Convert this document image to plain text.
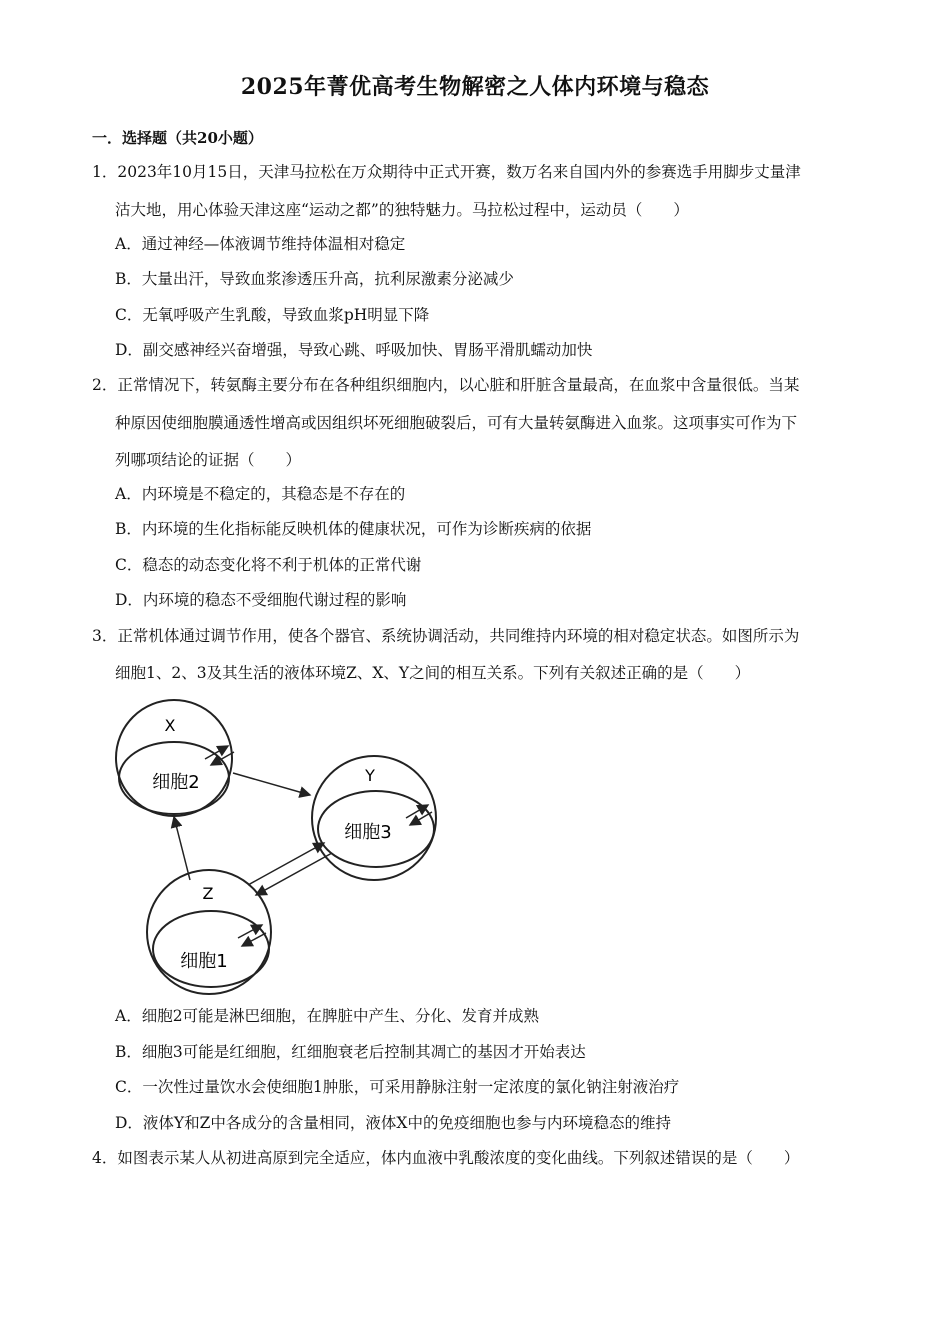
2025年菁优高考生物解密之人体内环境与稳态
一．选择题（共20小题）
1．2023年10月15日，天津马拉松在万众期待中正式开赛，数万名来自国内外的参赛选手用脚步丈量津
沽大地，用心体验天津这座“运动之都”的独特魅力。马拉松过程中，运动员（　　）
A．通过神经—体液调节维持体温相对稳定
B．大量出汗，导致血浆渗透压升高，抗利尿激素分泌减少
C．无氧呼吸产生乳酸，导致血浆pH明显下降
D．副交感神经兴奋增强，导致心跳、呼吸加快、胃肠平滑肌蠕动加快
2．正常情况下，转氨酶主要分布在各种组织细胞内，以心脏和肝脏含量最高，在血浆中含量很低。当某
种原因使细胞膜通透性增高或因组织坏死细胞破裂后，可有大量转氨酶进入血浆。这项事实可作为下
列哪项结论的证据（　　）
A．内环境是不稳定的，其稳态是不存在的
B．内环境的生化指标能反映机体的健康状况，可作为诊断疾病的依据
C．稳态的动态变化将不利于机体的正常代谢
D．内环境的稳态不受细胞代谢过程的影响
3．正常机体通过调节作用，使各个器官、系统协调活动，共同维持内环境的相对稳定状态。如图所示为
细胞1、2、3及其生活的液体环境Z、X、Y之间的相互关系。下列有关叙述正确的是（　　）
X
细胞2	Y
细胞3
Z
细胞1
A．细胞2可能是淋巴细胞，在脾脏中产生、分化、发育并成熟
B．细胞3可能是红细胞，红细胞衰老后控制其凋亡的基因才开始表达
C．一次性过量饮水会使细胞1肿胀，可采用静脉注射一定浓度的氯化钠注射液治疗
D．液体Y和Z中各成分的含量相同，液体X中的免疫细胞也参与内环境稳态的维持
4．如图表示某人从初进高原到完全适应，体内血液中乳酸浓度的变化曲线。下列叙述错误的是（　　）
